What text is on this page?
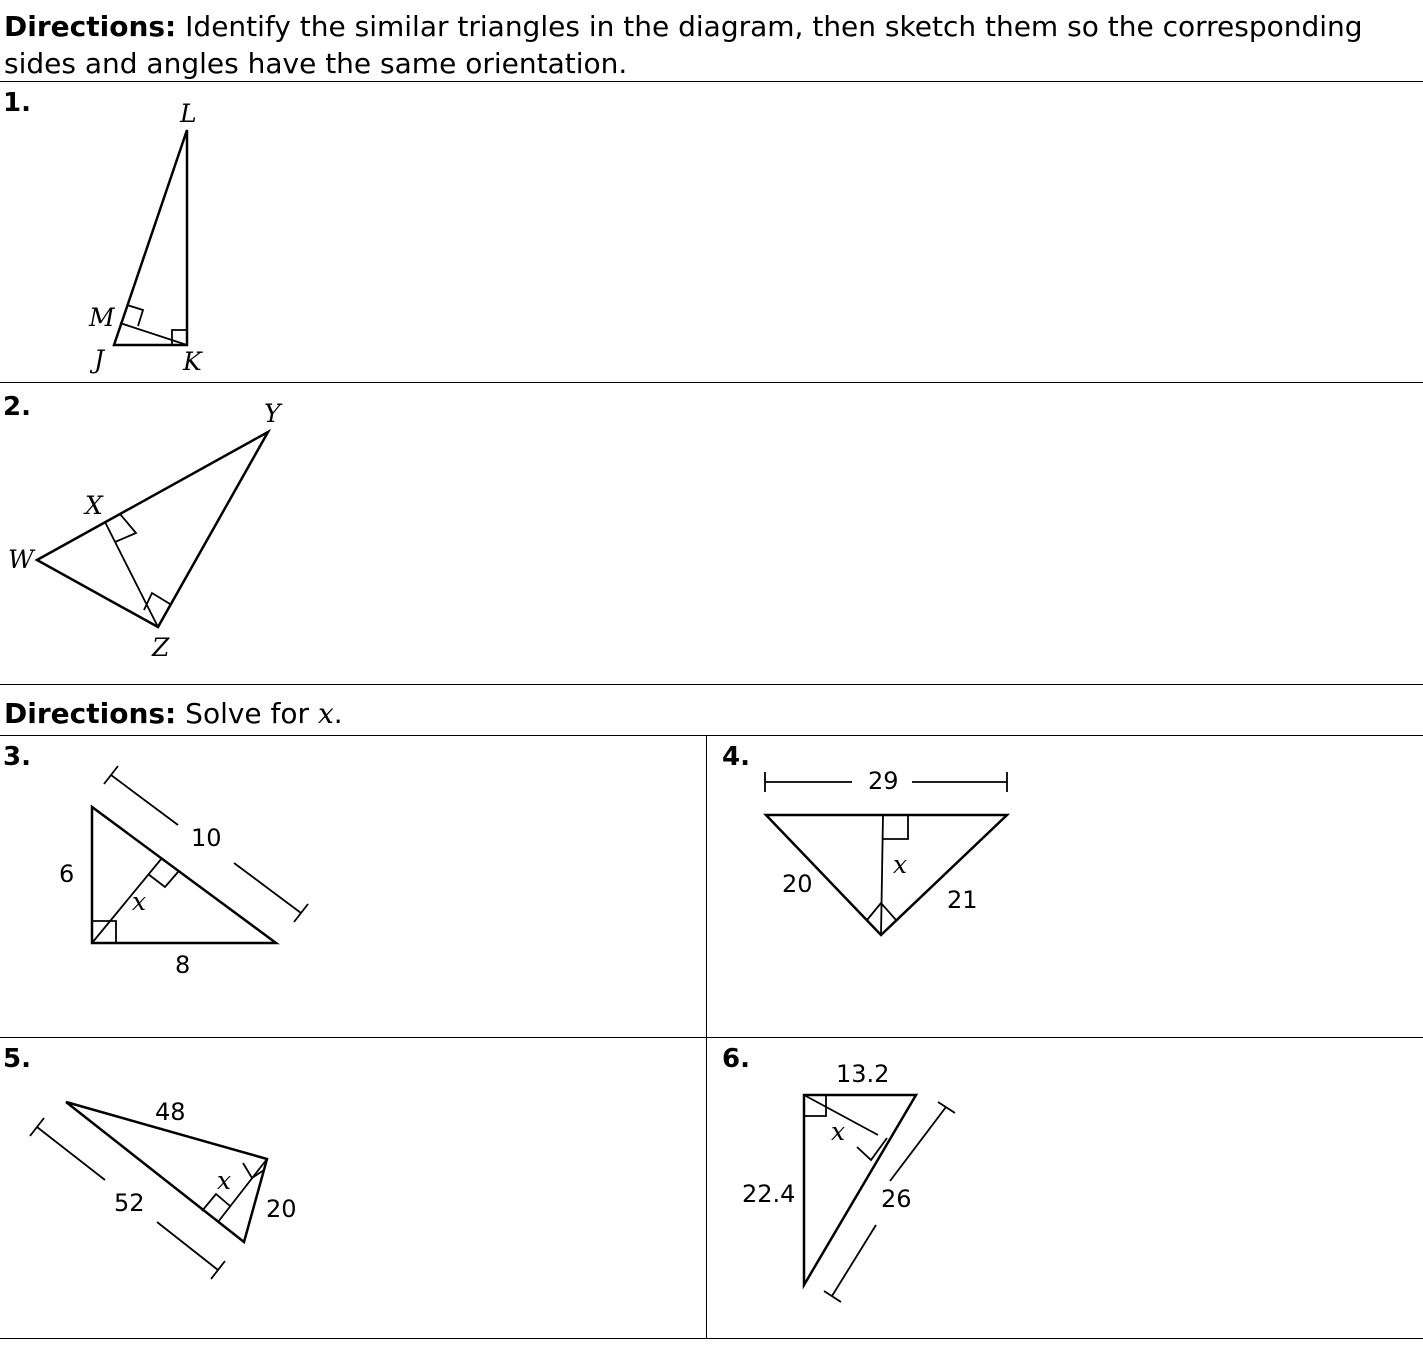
Directions: Identify the similar triangles in the diagram, then sketch them so the corresponding sides and angles have the same orientation.

Directions: Solve for x.

1.
2.
3.	4.
5.	6.
L
M
J	K
Y
X
W
Z
10
6
8
x
29
20
21
x
48
52	20
x
13.2
22.4	26
x
